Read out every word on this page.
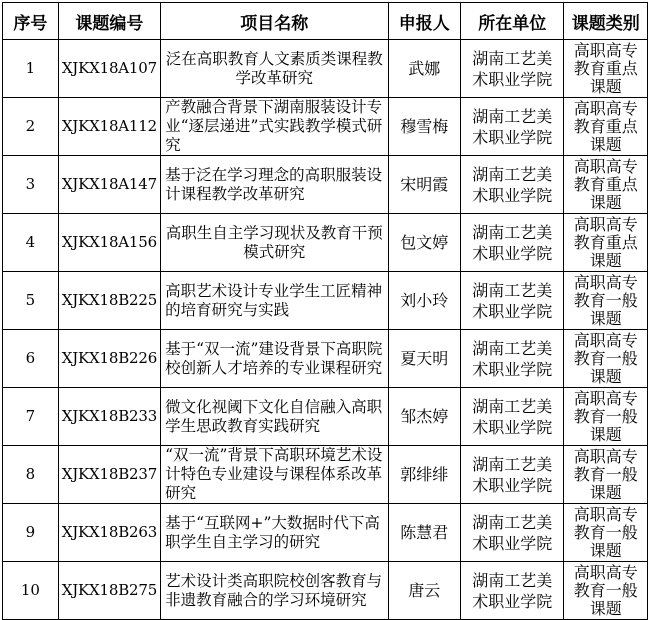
序号	课题编号	项目名称	申报人	所在单位	课题类别
1	XJKX18A107	泛在高职教育人文素质类课程教学改革研究	武娜	湖南工艺美术职业学院	高职高专教育重点课题
2	XJKX18A112	产教融合背景下湖南服装设计专业“逐层递进”式实践教学模式研究	穆雪梅	湖南工艺美术职业学院	高职高专教育重点课题
3	XJKX18A147	基于泛在学习理念的高职服装设计课程教学改革研究	宋明霞	湖南工艺美术职业学院	高职高专教育重点课题
4	XJKX18A156	高职生自主学习现状及教育干预模式研究	包文婷	湖南工艺美术职业学院	高职高专教育重点课题
5	XJKX18B225	高职艺术设计专业学生工匠精神的培育研究与实践	刘小玲	湖南工艺美术职业学院	高职高专教育一般课题
6	XJKX18B226	基于“双一流”建设背景下高职院校创新人才培养的专业课程研究	夏天明	湖南工艺美术职业学院	高职高专教育一般课题
7	XJKX18B233	微文化视阈下文化自信融入高职学生思政教育实践研究	邹杰婷	湖南工艺美术职业学院	高职高专教育一般课题
8	XJKX18B237	“双一流”背景下高职环境艺术设计特色专业建设与课程体系改革研究	郭绯绯	湖南工艺美术职业学院	高职高专教育一般课题
9	XJKX18B263	基于“互联网+”大数据时代下高职学生自主学习的研究	陈慧君	湖南工艺美术职业学院	高职高专教育一般课题
10	XJKX18B275	艺术设计类高职院校创客教育与非遗教育融合的学习环境研究	唐云	湖南工艺美术职业学院	高职高专教育一般课题
